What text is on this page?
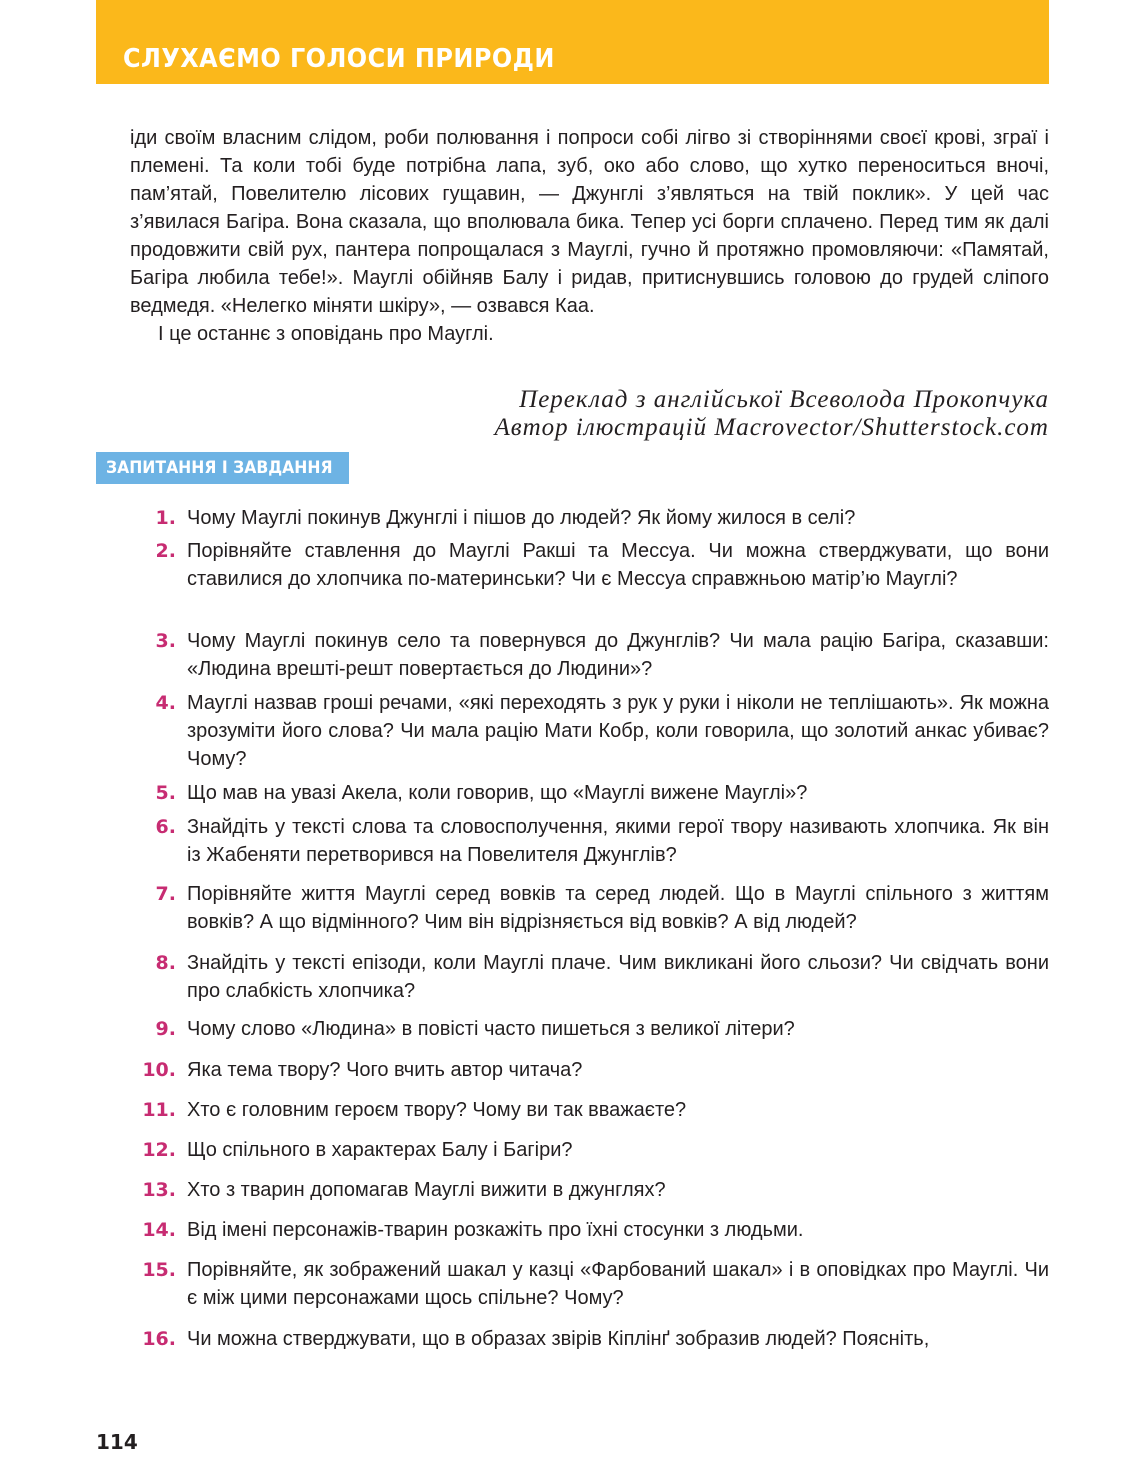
СЛУХАЄМО ГОЛОСИ ПРИРОДИ

іди своїм власним слідом, роби полювання і попроси собі лігво зі створіннями своєї крові, зграї і племені. Та коли тобі буде потрібна лапа, зуб, око або слово, що хутко переноситься вночі, пам’ятай, Повелителю лісових гущавин, — Джунглі з’являться на твій поклик». У цей час з’явилася Багіра. Вона сказала, що вполювала бика. Тепер усі борги сплачено. Перед тим як далі продовжити свій рух, пантера попрощалася з Мауглі, гучно й протяжно промовляючи: «Памятай, Багіра любила тебе!». Мауглі обійняв Балу і ридав, притиснувшись головою до грудей сліпого ведмедя. «Нелегко міняти шкіру», — озвався Каа.

І це останнє з оповідань про Мауглі.

Переклад з англійської Всеволода Прокопчука
Автор ілюстрацій Macrovector/Shutterstock.com
ЗАПИТАННЯ І ЗАВДАННЯ
1. Чому Мауглі покинув Джунглі і пішов до людей? Як йому жилося в селі?
2. Порівняйте ставлення до Мауглі Ракші та Мессуа. Чи можна стверджувати, що вони ставилися до хлопчика по-материнськи? Чи є Мессуа справжньою матір’ю Мауглі?
3. Чому Мауглі покинув село та повернувся до Джунглів? Чи мала рацію Багіра, сказавши: «Людина врешті-решт повертається до Людини»?
4. Мауглі назвав гроші речами, «які переходять з рук у руки і ніколи не теплішають». Як можна зрозуміти його слова? Чи мала рацію Мати Кобр, коли говорила, що золотий анкас убиває? Чому?
5. Що мав на увазі Акела, коли говорив, що «Мауглі вижене Мауглі»?
6. Знайдіть у тексті слова та словосполучення, якими герої твору називають хлопчика. Як він із Жабеняти перетворився на Повелителя Джунглів?
7. Порівняйте життя Мауглі серед вовків та серед людей. Що в Мауглі спільного з життям вовків? А що відмінного? Чим він відрізняється від вовків? А від людей?
8. Знайдіть у тексті епізоди, коли Мауглі плаче. Чим викликані його сльози? Чи свідчать вони про слабкість хлопчика?
9. Чому слово «Людина» в повісті часто пишеться з великої літери?
10. Яка тема твору? Чого вчить автор читача?
11. Хто є головним героєм твору? Чому ви так вважаєте?
12. Що спільного в характерах Балу і Багіри?
13. Хто з тварин допомагав Мауглі вижити в джунглях?
14. Від імені персонажів-тварин розкажіть про їхні стосунки з людьми.
15. Порівняйте, як зображений шакал у казці «Фарбований шакал» і в оповідках про Мауглі. Чи є між цими персонажами щось спільне? Чому?
16. Чи можна стверджувати, що в образах звірів Кіплінґ зобразив людей? Поясніть,
114
